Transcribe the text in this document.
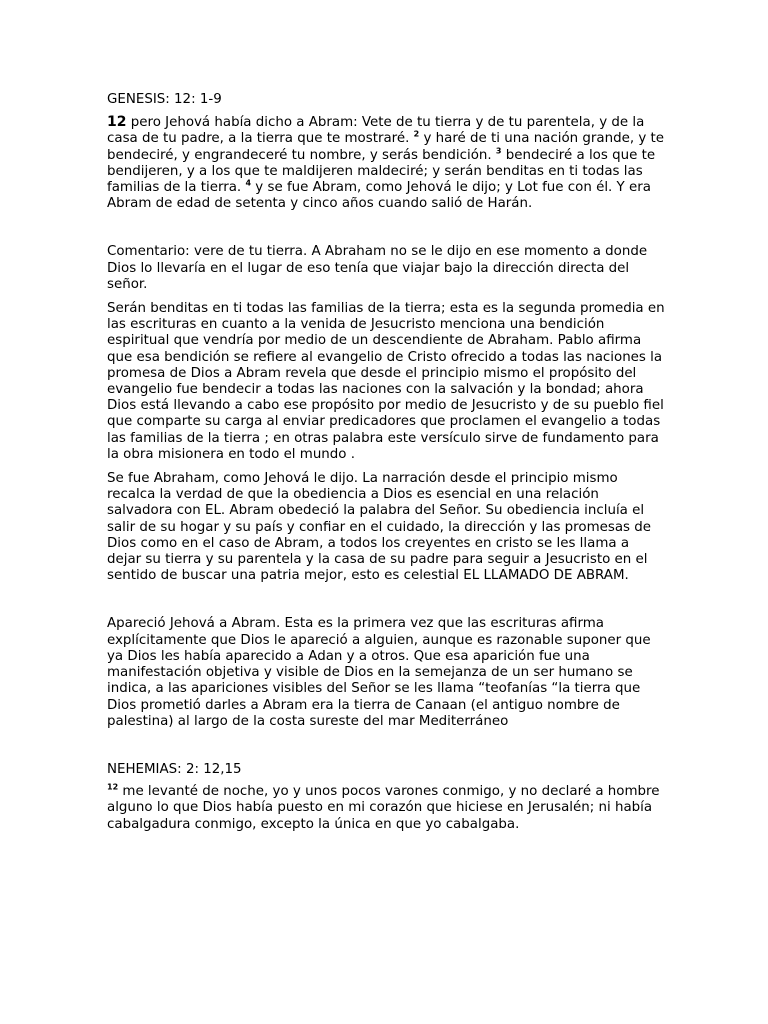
GENESIS: 12: 1-9

12 pero Jehová había dicho a Abram: Vete de tu tierra y de tu parentela, y de la casa de tu padre, a la tierra que te mostraré. $^2$ y haré de ti una nación grande, y te bendeciré, y engrandeceré tu nombre, y serás bendición. $^3$ bendeciré a los que te bendijeren, y a los que te maldijeren maldeciré; y serán benditas en ti todas las familias de la tierra. $^4$ y se fue Abram, como Jehová le dijo; y Lot fue con él. Y era Abram de edad de setenta y cinco años cuando salió de Harán.

Comentario: vere de tu tierra. A Abraham no se le dijo en ese momento a donde Dios lo llevaría en el lugar de eso tenía que viajar bajo la dirección directa del señor.

Serán benditas en ti todas las familias de la tierra; esta es la segunda promedia en las escrituras en cuanto a la venida de Jesucristo menciona una bendición espiritual que vendría por medio de un descendiente de Abraham. Pablo afirma que esa bendición se refiere al evangelio de Cristo ofrecido a todas las naciones la promesa de Dios a Abram revela que desde el principio mismo el propósito del evangelio fue bendecir a todas las naciones con la salvación y la bondad; ahora Dios está llevando a cabo ese propósito por medio de Jesucristo y de su pueblo fiel que comparte su carga al enviar predicadores que proclamen el evangelio a todas las familias de la tierra ; en otras palabra este versículo sirve de fundamento para la obra misionera en todo el mundo .

Se fue Abraham, como Jehová le dijo. La narración desde el principio mismo recalca la verdad de que la obediencia a Dios es esencial en una relación salvadora con EL. Abram obedeció la palabra del Señor. Su obediencia incluía el salir de su hogar y su país y confiar en el cuidado, la dirección y las promesas de Dios como en el caso de Abram, a todos los creyentes en cristo se les llama a dejar su tierra y su parentela y la casa de su padre para seguir a Jesucristo en el sentido de buscar una patria mejor, esto es celestial EL LLAMADO DE ABRAM.

Apareció Jehová a Abram. Esta es la primera vez que las escrituras afirma explícitamente que Dios le apareció a alguien, aunque es razonable suponer que ya Dios les había aparecido a Adan y a otros. Que esa aparición fue una manifestación objetiva y visible de Dios en la semejanza de un ser humano se indica, a las apariciones visibles del Señor se les llama “teofanías “la tierra que Dios prometió darles a Abram era la tierra de Canaan (el antiguo nombre de palestina) al largo de la costa sureste del mar Mediterráneo

NEHEMIAS: 2: 12,15

$^{12}$ me levanté de noche, yo y unos pocos varones conmigo, y no declaré a hombre alguno lo que Dios había puesto en mi corazón que hiciese en Jerusalén; ni había cabalgadura conmigo, excepto la única en que yo cabalgaba.
